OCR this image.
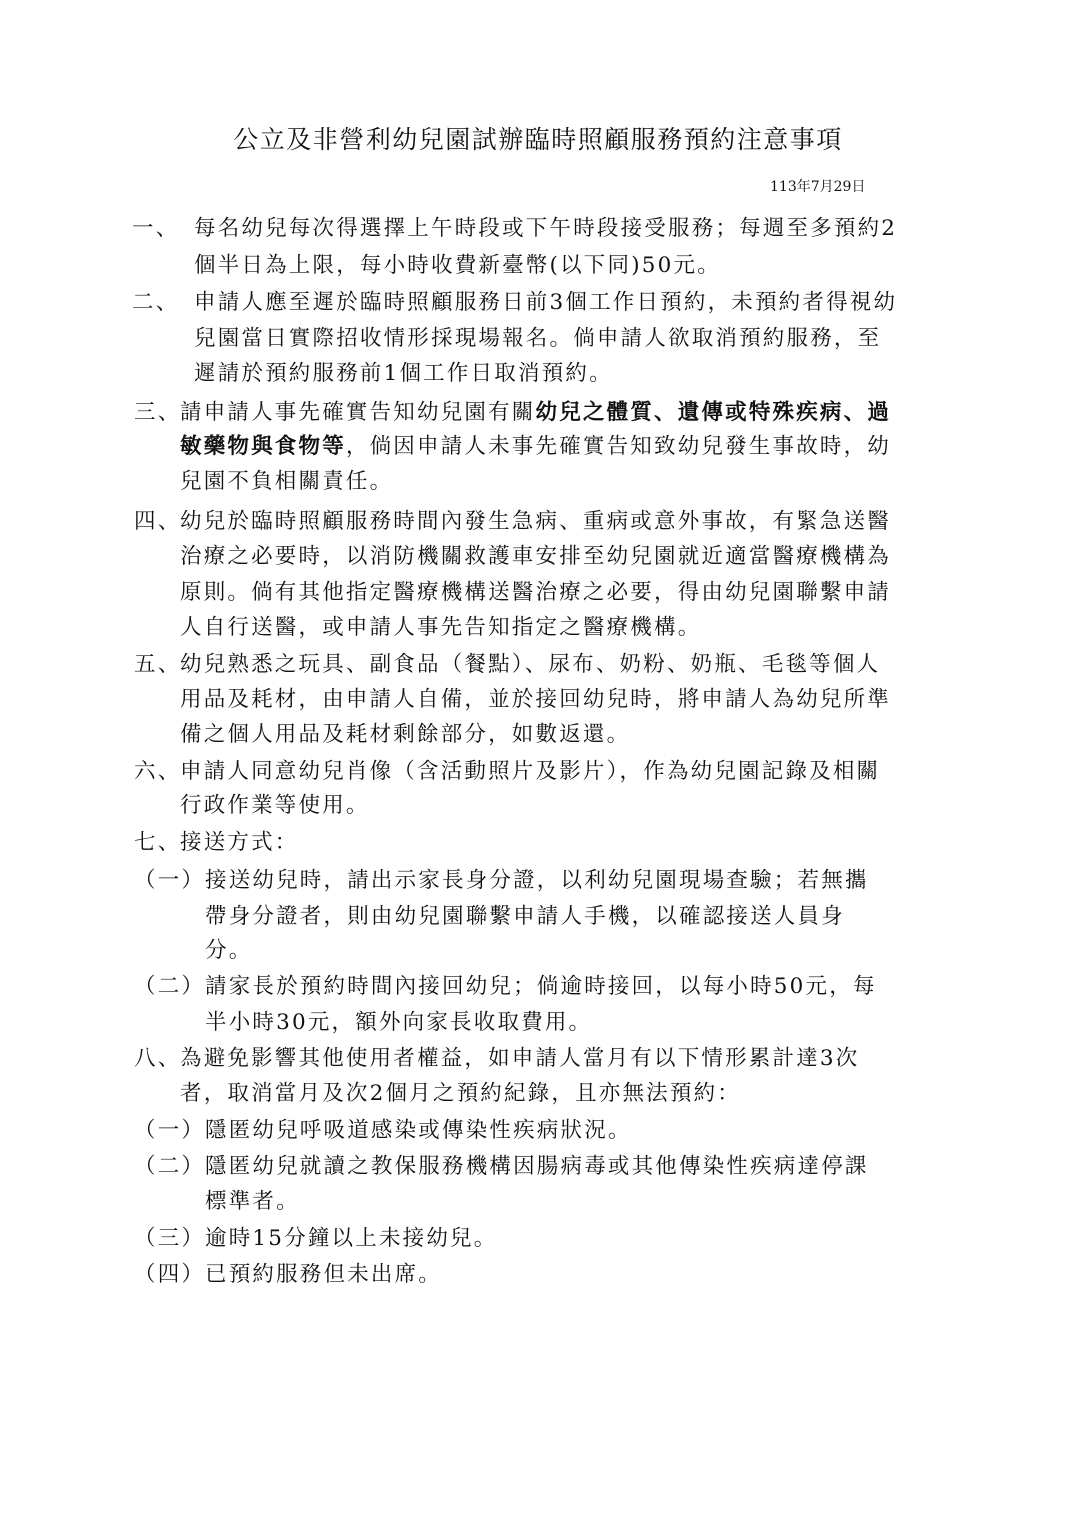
公立及非營利幼兒園試辦臨時照顧服務預約注意事項
113年7月29日
一、 每名幼兒每次得選擇上午時段或下午時段接受服務；每週至多預約2
個半日為上限，每小時收費新臺幣(以下同)50元。
二、 申請人應至遲於臨時照顧服務日前3個工作日預約，未預約者得視幼
兒園當日實際招收情形採現場報名。倘申請人欲取消預約服務，至
遲請於預約服務前1個工作日取消預約。
三、
請申請人事先確實告知幼兒園有關幼兒之體質、遺傳或特殊疾病、過
敏藥物與食物等，倘因申請人未事先確實告知致幼兒發生事故時，幼
兒園不負相關責任。
四、
幼兒於臨時照顧服務時間內發生急病、重病或意外事故，有緊急送醫
治療之必要時，以消防機關救護車安排至幼兒園就近適當醫療機構為
原則。倘有其他指定醫療機構送醫治療之必要，得由幼兒園聯繫申請
人自行送醫，或申請人事先告知指定之醫療機構。
五、
幼兒熟悉之玩具、副食品（餐點）、尿布、奶粉、奶瓶、毛毯等個人
用品及耗材，由申請人自備，並於接回幼兒時，將申請人為幼兒所準
備之個人用品及耗材剩餘部分，如數返還。
六、
申請人同意幼兒肖像（含活動照片及影片），作為幼兒園記錄及相關
行政作業等使用。
七、
接送方式：
（一） 接送幼兒時，請出示家長身分證，以利幼兒園現場查驗；若無攜
帶身分證者，則由幼兒園聯繫申請人手機，以確認接送人員身
分。
（二） 請家長於預約時間內接回幼兒；倘逾時接回，以每小時50元，每
半小時30元，額外向家長收取費用。
八、
為避免影響其他使用者權益，如申請人當月有以下情形累計達3次
者，取消當月及次2個月之預約紀錄，且亦無法預約：
（一） 隱匿幼兒呼吸道感染或傳染性疾病狀況。
（二） 隱匿幼兒就讀之教保服務機構因腸病毒或其他傳染性疾病達停課
標準者。
（三） 逾時15分鐘以上未接幼兒。
（四） 已預約服務但未出席。
